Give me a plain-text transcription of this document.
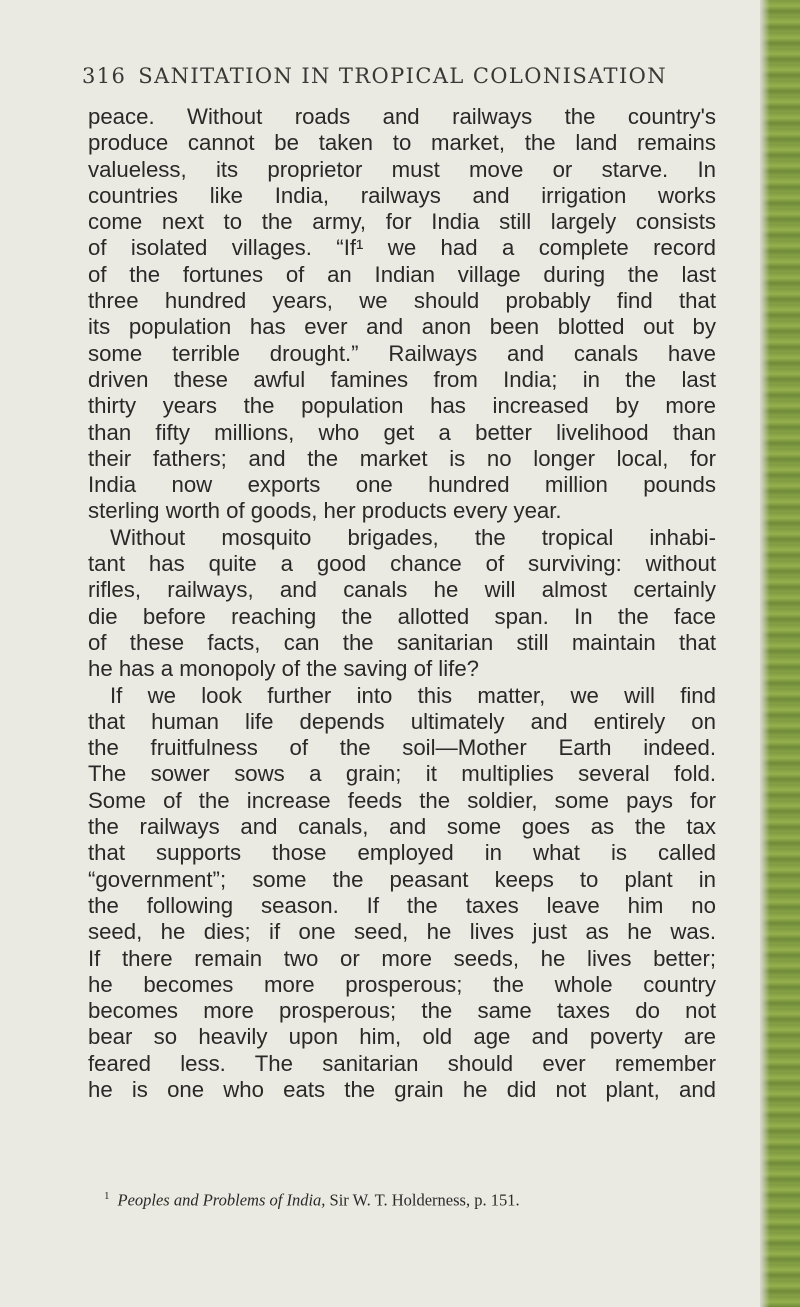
316 SANITATION IN TROPICAL COLONISATION
peace. Without roads and railways the country's
produce cannot be taken to market, the land remains
valueless, its proprietor must move or starve. In
countries like India, railways and irrigation works
come next to the army, for India still largely consists
of isolated villages. “If¹ we had a complete record
of the fortunes of an Indian village during the last
three hundred years, we should probably find that
its population has ever and anon been blotted out by
some terrible drought.” Railways and canals have
driven these awful famines from India; in the last
thirty years the population has increased by more
than fifty millions, who get a better livelihood than
their fathers; and the market is no longer local, for
India now exports one hundred million pounds
sterling worth of goods, her products every year.
Without mosquito brigades, the tropical inhabi-
tant has quite a good chance of surviving: without
rifles, railways, and canals he will almost certainly
die before reaching the allotted span. In the face
of these facts, can the sanitarian still maintain that
he has a monopoly of the saving of life?
If we look further into this matter, we will find
that human life depends ultimately and entirely on
the fruitfulness of the soil—Mother Earth indeed.
The sower sows a grain; it multiplies several fold.
Some of the increase feeds the soldier, some pays for
the railways and canals, and some goes as the tax
that supports those employed in what is called
“government”; some the peasant keeps to plant in
the following season. If the taxes leave him no
seed, he dies; if one seed, he lives just as he was.
If there remain two or more seeds, he lives better;
he becomes more prosperous; the whole country
becomes more prosperous; the same taxes do not
bear so heavily upon him, old age and poverty are
feared less. The sanitarian should ever remember
he is one who eats the grain he did not plant, and
$^1$ Peoples and Problems of India, Sir W. T. Holderness, p. 151.
